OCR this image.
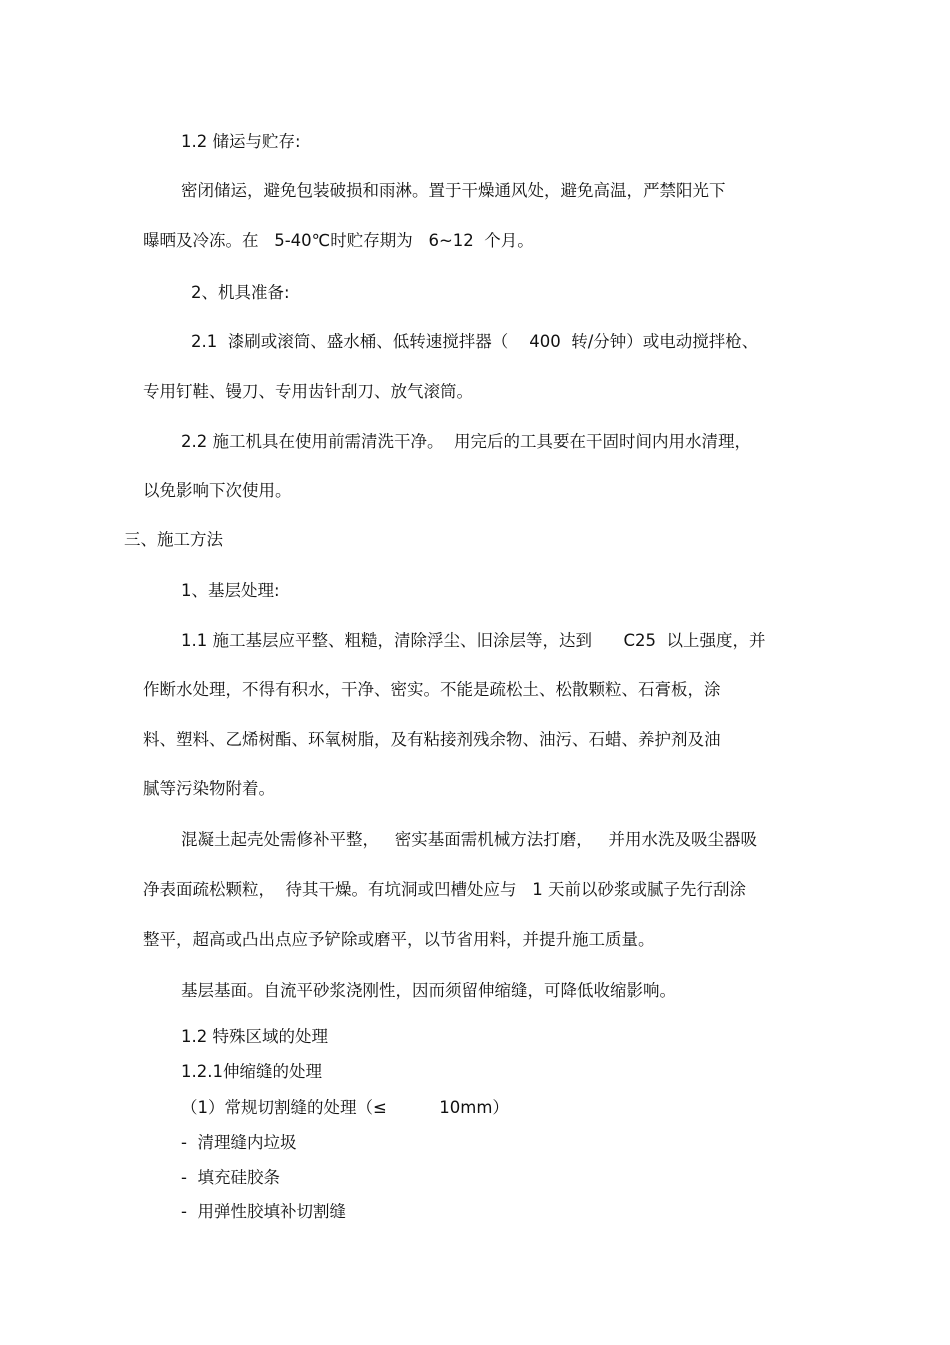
1.2 储运与贮存:
密闭储运，避免包装破损和雨淋。置于干燥通风处，避免高温，严禁阳光下
曝晒及冷冻。在   5-40℃时贮存期为   6~12  个月。
2、机具准备:
2.1  漆刷或滚筒、盛水桶、低转速搅拌器（    400  转/分钟）或电动搅拌枪、
专用钉鞋、镘刀、专用齿针刮刀、放气滚筒。
2.2 施工机具在使用前需清洗干净。  用完后的工具要在干固时间内用水清理，
以免影响下次使用。
三、施工方法
1、基层处理:
1.1 施工基层应平整、粗糙，清除浮尘、旧涂层等，达到      C25  以上强度，并
作断水处理，不得有积水，干净、密实。不能是疏松土、松散颗粒、石膏板，涂
料、塑料、乙烯树酯、环氧树脂，及有粘接剂残余物、油污、石蜡、养护剂及油
腻等污染物附着。
混凝土起壳处需修补平整，   密实基面需机械方法打磨，   并用水洗及吸尘器吸
净表面疏松颗粒，  待其干燥。有坑洞或凹槽处应与   1 天前以砂浆或腻子先行刮涂
整平，超高或凸出点应予铲除或磨平，以节省用料，并提升施工质量。
基层基面。自流平砂浆浇刚性，因而须留伸缩缝，可降低收缩影响。
1.2 特殊区域的处理
1.2.1伸缩缝的处理
（1）常规切割缝的处理（≤          10mm）
-  清理缝内垃圾
-  填充硅胶条
-  用弹性胶填补切割缝
